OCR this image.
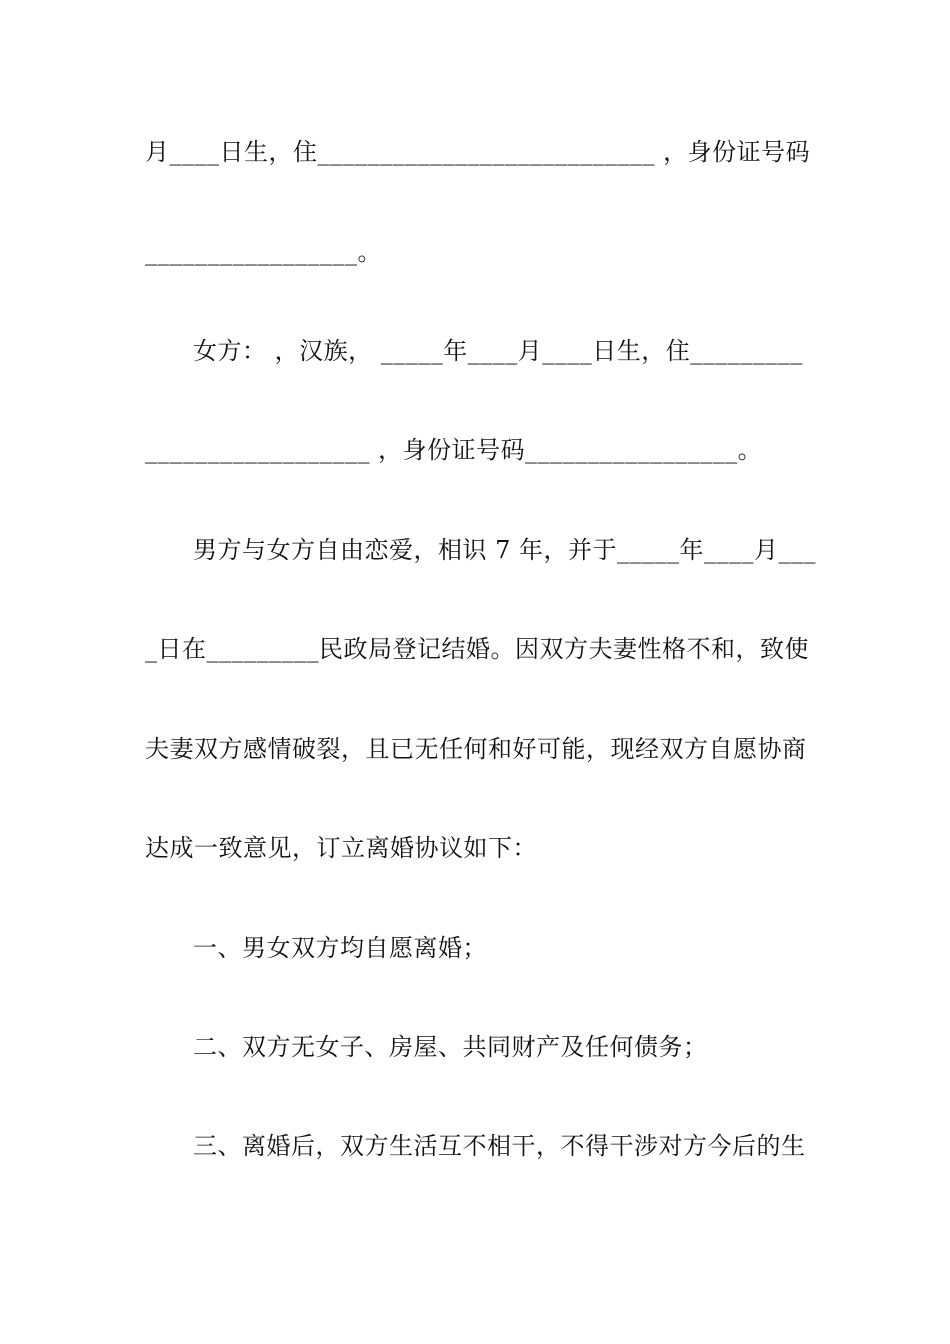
月____日生，住___________________________ ，身份证号码
_________________。
女方： ，汉族， _____年____月____日生，住_________
__________________ ，身份证号码_________________。
男方与女方自由恋爱，相识 7 年，并于_____年____月___
_日在_________民政局登记结婚。因双方夫妻性格不和，致使
夫妻双方感情破裂，且已无任何和好可能，现经双方自愿协商
达成一致意见，订立离婚协议如下：
一、男女双方均自愿离婚；
二、双方无女子、房屋、共同财产及任何债务；
三、离婚后，双方生活互不相干，不得干涉对方今后的生
